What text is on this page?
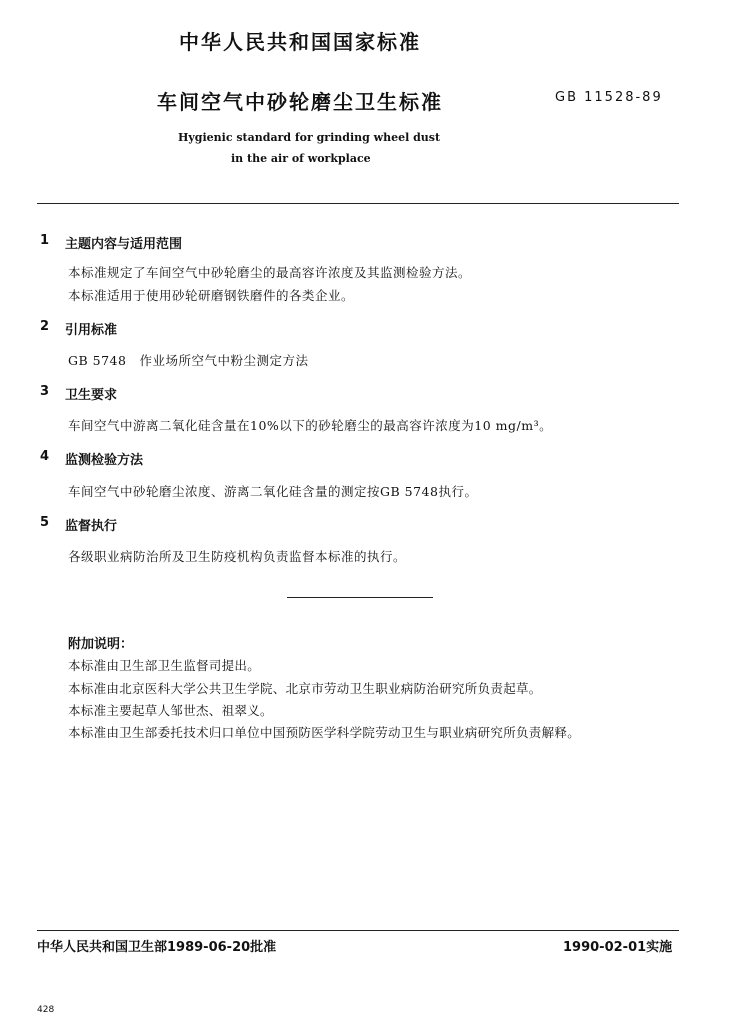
中华人民共和国国家标准
车间空气中砂轮磨尘卫生标准	GB 11528-89
Hygienic standard for grinding wheel dust
in the air of workplace
1 主题内容与适用范围
本标准规定了车间空气中砂轮磨尘的最高容许浓度及其监测检验方法。
本标准适用于使用砂轮研磨钢铁磨件的各类企业。
2 引用标准
GB 5748　作业场所空气中粉尘测定方法
3 卫生要求
车间空气中游离二氧化硅含量在10%以下的砂轮磨尘的最高容许浓度为10 mg/m³。
4 监测检验方法
车间空气中砂轮磨尘浓度、游离二氧化硅含量的测定按GB 5748执行。
5 监督执行
各级职业病防治所及卫生防疫机构负责监督本标准的执行。
附加说明：
本标准由卫生部卫生监督司提出。
本标准由北京医科大学公共卫生学院、北京市劳动卫生职业病防治研究所负责起草。
本标准主要起草人邹世杰、祖翠义。
本标准由卫生部委托技术归口单位中国预防医学科学院劳动卫生与职业病研究所负责解释。
中华人民共和国卫生部1989-06-20批准	1990-02-01实施
428
